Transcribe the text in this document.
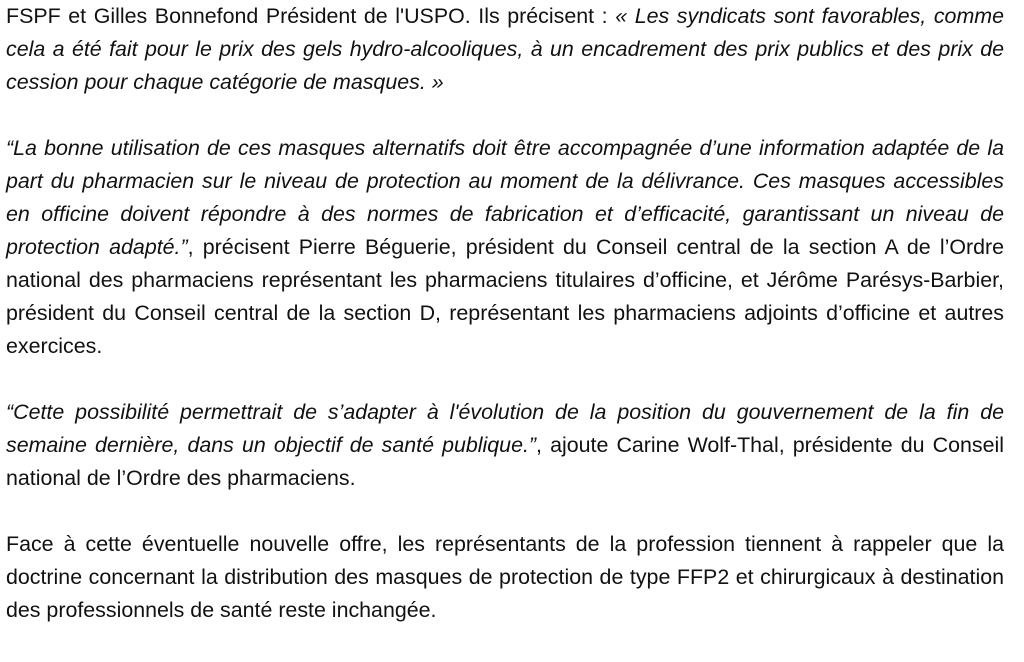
FSPF et Gilles Bonnefond Président de l'USPO. Ils précisent : « Les syndicats sont favorables, comme cela a été fait pour le prix des gels hydro-alcooliques, à un encadrement des prix publics et des prix de cession pour chaque catégorie de masques. »

“La bonne utilisation de ces masques alternatifs doit être accompagnée d’une information adaptée de la part du pharmacien sur le niveau de protection au moment de la délivrance. Ces masques accessibles en officine doivent répondre à des normes de fabrication et d’efficacité, garantissant un niveau de protection adapté.”, précisent Pierre Béguerie, président du Conseil central de la section A de l’Ordre national des pharmaciens représentant les pharmaciens titulaires d’officine, et Jérôme Parésys-Barbier, président du Conseil central de la section D, représentant les pharmaciens adjoints d’officine et autres exercices.

“Cette possibilité permettrait de s’adapter à l'évolution de la position du gouvernement de la fin de semaine dernière, dans un objectif de santé publique.”, ajoute Carine Wolf-Thal, présidente du Conseil national de l’Ordre des pharmaciens.

Face à cette éventuelle nouvelle offre, les représentants de la profession tiennent à rappeler que la doctrine concernant la distribution des masques de protection de type FFP2 et chirurgicaux à destination des professionnels de santé reste inchangée.
